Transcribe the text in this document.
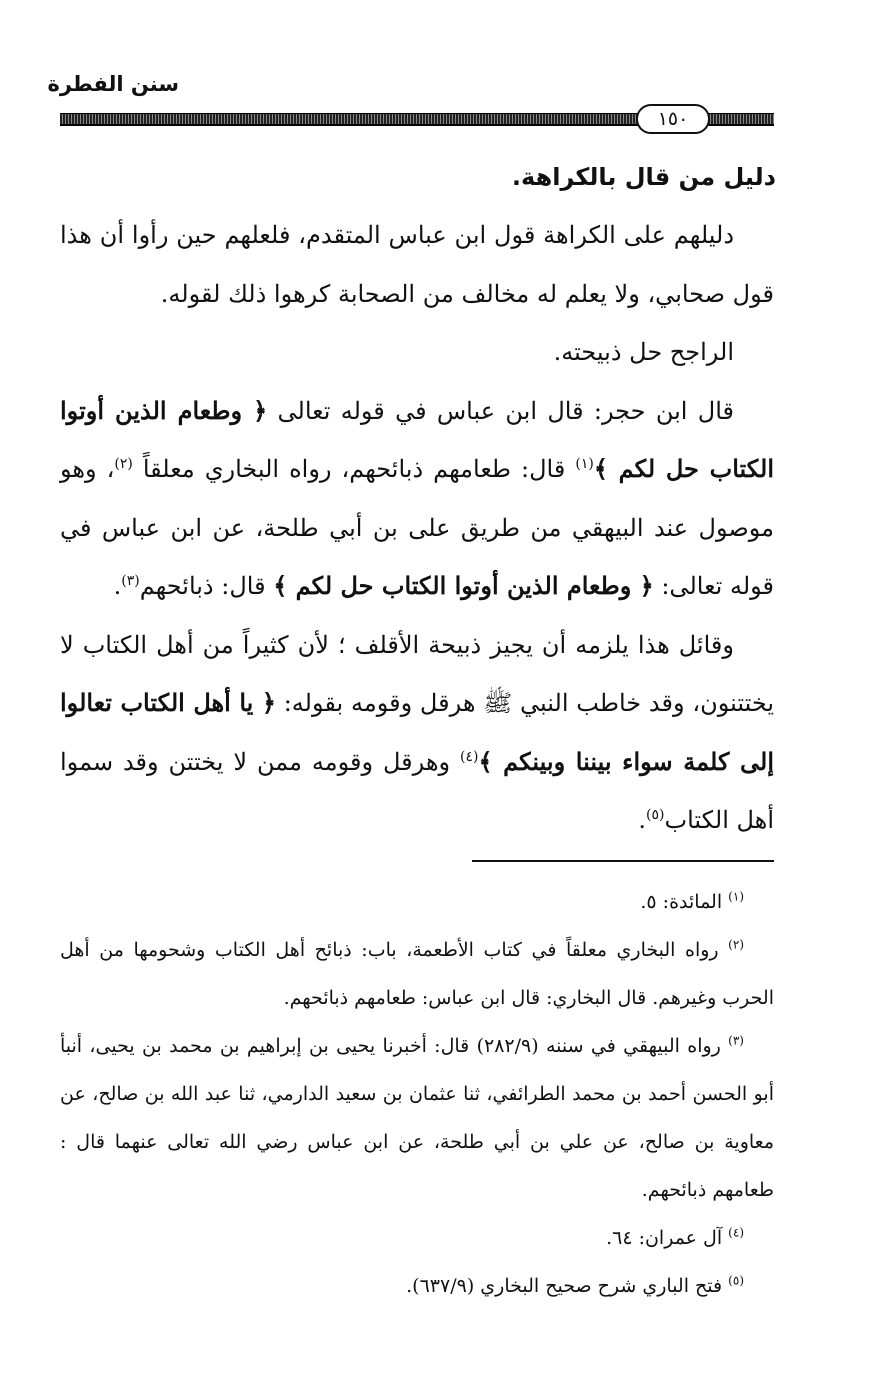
سنن الفطرة
١٥٠
دليل من قال بالكراهة.

دليلهم على الكراهة قول ابن عباس المتقدم، فلعلهم حين رأوا أن هذا قول صحابي، ولا يعلم له مخالف من الصحابة كرهوا ذلك لقوله.

الراجح حل ذبيحته.

قال ابن حجر: قال ابن عباس في قوله تعالى ﴿ وطعام الذين أوتوا الكتاب حل لكم ﴾$^{(١)}$ قال: طعامهم ذبائحهم، رواه البخاري معلقاً $^{(٢)}$، وهو موصول عند البيهقي من طريق على بن أبي طلحة، عن ابن عباس في قوله تعالى: ﴿ وطعام الذين أوتوا الكتاب حل لكم ﴾ قال: ذبائحهم$^{(٣)}$.

وقائل هذا يلزمه أن يجيز ذبيحة الأقلف ؛ لأن كثيراً من أهل الكتاب لا يختتنون، وقد خاطب النبي ﷺ هرقل وقومه بقوله: ﴿ يا أهل الكتاب تعالوا إلى كلمة سواء بيننا وبينكم ﴾$^{(٤)}$ وهرقل وقومه ممن لا يختتن وقد سموا أهل الكتاب$^{(٥)}$.

$^{(١)}$ المائدة: ٥.

$^{(٢)}$ رواه البخاري معلقاً في كتاب الأطعمة، باب: ذبائح أهل الكتاب وشحومها من أهل الحرب وغيرهم. قال البخاري: قال ابن عباس: طعامهم ذبائحهم.

$^{(٣)}$ رواه البيهقي في سننه (٢٨٢/٩) قال: أخبرنا يحيى بن إبراهيم بن محمد بن يحيى، أنبأ أبو الحسن أحمد بن محمد الطرائفي، ثنا عثمان بن سعيد الدارمي، ثنا عبد الله بن صالح، عن معاوية بن صالح، عن علي بن أبي طلحة، عن ابن عباس رضي الله تعالى عنهما قال : طعامهم ذبائحهم.

$^{(٤)}$ آل عمران: ٦٤.

$^{(٥)}$ فتح الباري شرح صحيح البخاري (٦٣٧/٩).
